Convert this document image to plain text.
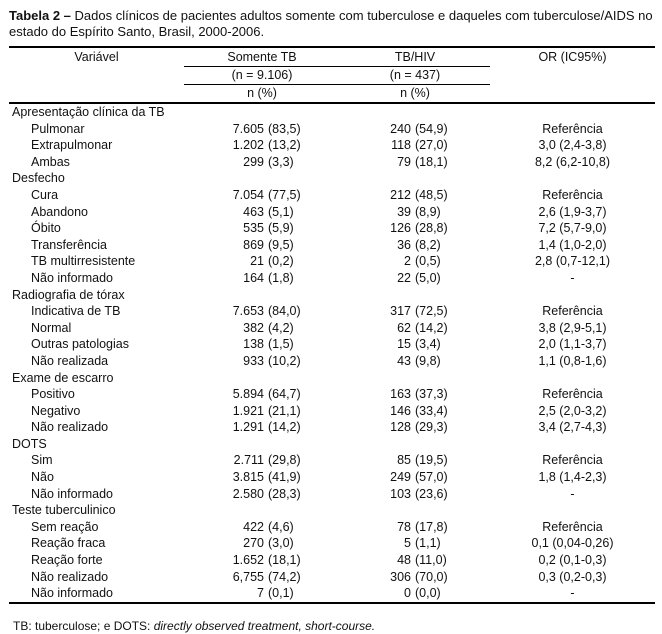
Tabela 2 – Dados clínicos de pacientes adultos somente com tuberculose e daqueles com tuberculose/AIDS no estado do Espírito Santo, Brasil, 2000-2006.

Variável	Somente TB	TB/HIV	OR (IC95%)
	(n = 9.106)	(n = 437)	
	n (%)	n (%)	
Apresentação clínica da TB			
Pulmonar	7.605 (83,5)	240 (54,9)	Referência
Extrapulmonar	1.202 (13,2)	118 (27,0)	3,0 (2,4-3,8)
Ambas	299 (3,3)	79 (18,1)	8,2 (6,2-10,8)
Desfecho			
Cura	7.054 (77,5)	212 (48,5)	Referência
Abandono	463 (5,1)	39 (8,9)	2,6 (1,9-3,7)
Óbito	535 (5,9)	126 (28,8)	7,2 (5,7-9,0)
Transferência	869 (9,5)	36 (8,2)	1,4 (1,0-2,0)
TB multirresistente	21 (0,2)	2 (0,5)	2,8 (0,7-12,1)
Não informado	164 (1,8)	22 (5,0)	-
Radiografia de tórax			
Indicativa de TB	7.653 (84,0)	317 (72,5)	Referência
Normal	382 (4,2)	62 (14,2)	3,8 (2,9-5,1)
Outras patologias	138 (1,5)	15 (3,4)	2,0 (1,1-3,7)
Não realizada	933 (10,2)	43 (9,8)	1,1 (0,8-1,6)
Exame de escarro			
Positivo	5.894 (64,7)	163 (37,3)	Referência
Negativo	1.921 (21,1)	146 (33,4)	2,5 (2,0-3,2)
Não realizado	1.291 (14,2)	128 (29,3)	3,4 (2,7-4,3)
DOTS			
Sim	2.711 (29,8)	85 (19,5)	Referência
Não	3.815 (41,9)	249 (57,0)	1,8 (1,4-2,3)
Não informado	2.580 (28,3)	103 (23,6)	-
Teste tuberculinico			
Sem reação	422 (4,6)	78 (17,8)	Referência
Reação fraca	270 (3,0)	5 (1,1)	0,1 (0,04-0,26)
Reação forte	1.652 (18,1)	48 (11,0)	0,2 (0,1-0,3)
Não realizado	6,755 (74,2)	306 (70,0)	0,3 (0,2-0,3)
Não informado	7 (0,1)	0 (0,0)	-

TB: tuberculose; e DOTS: directly observed treatment, short-course.
